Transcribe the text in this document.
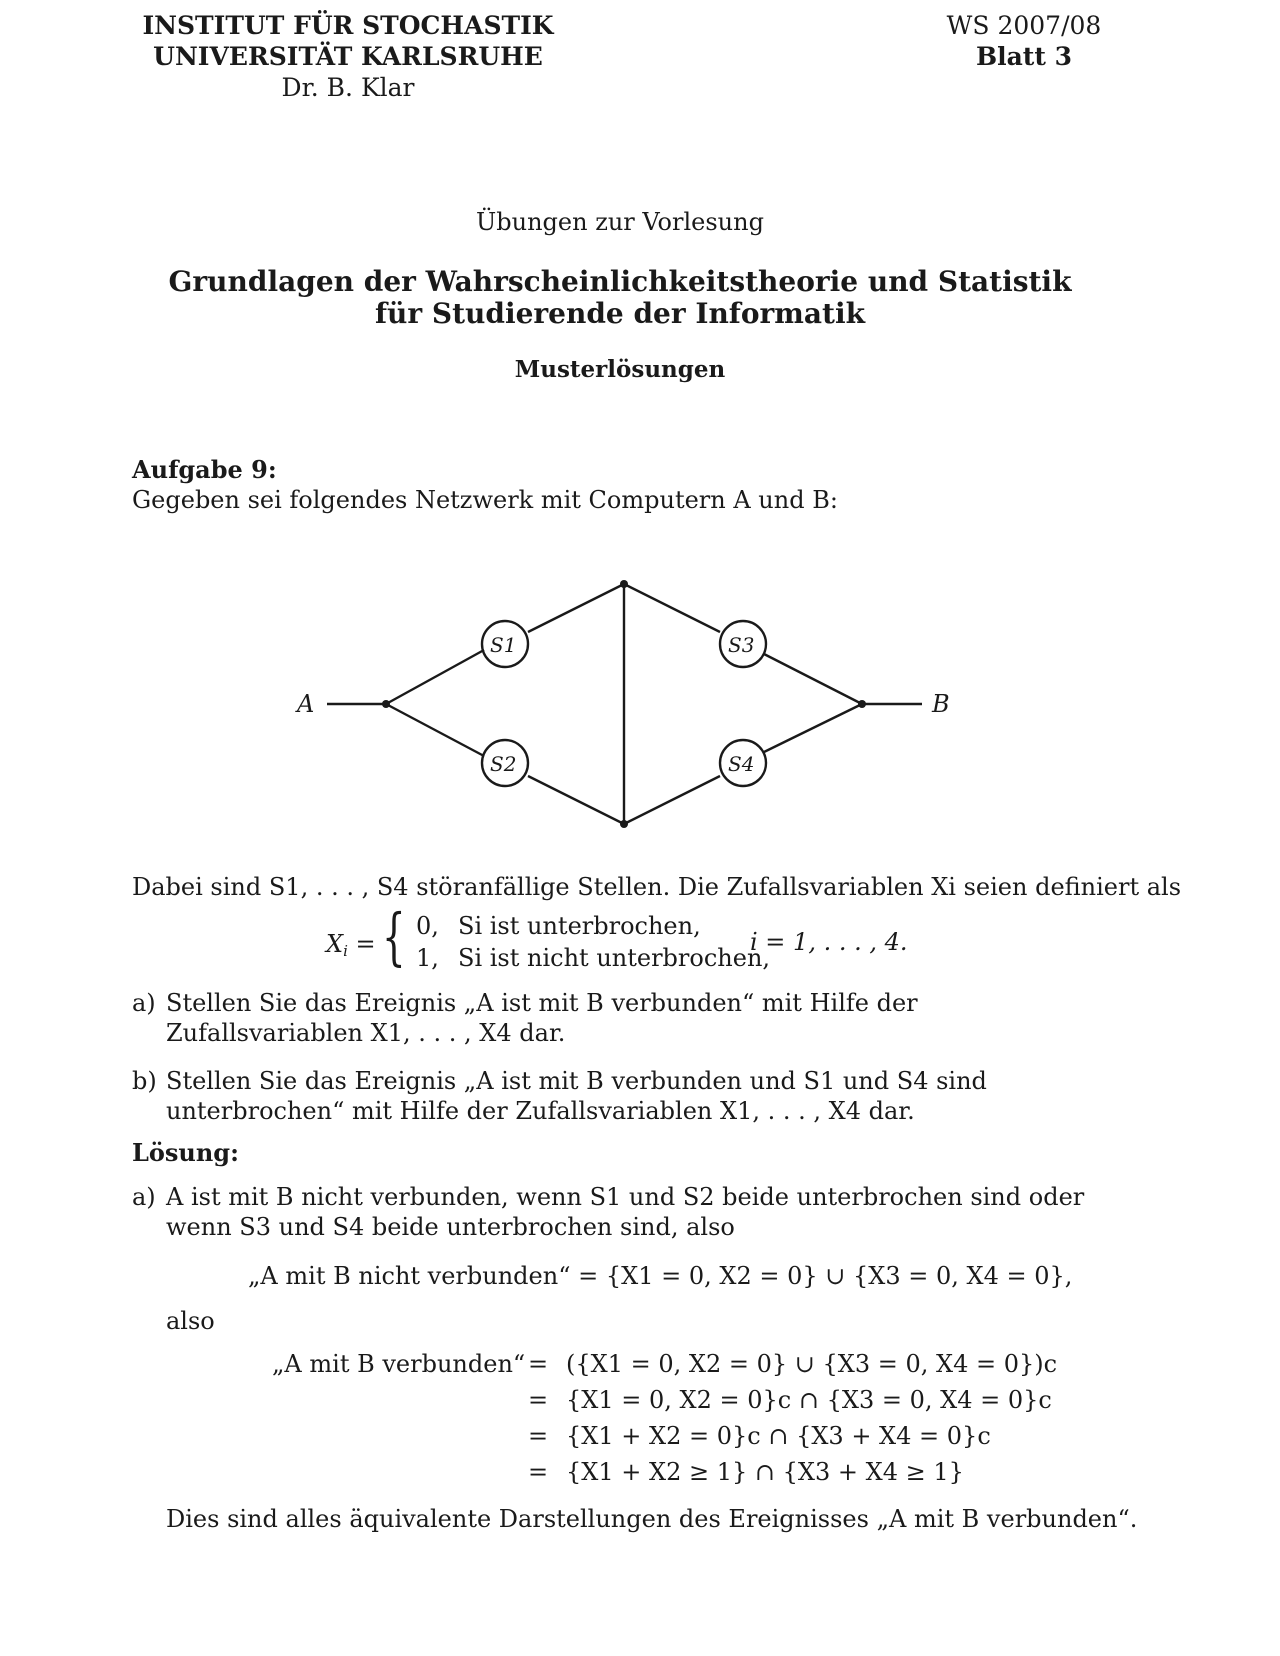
INSTITUT FÜR STOCHASTIK
UNIVERSITÄT KARLSRUHE
Dr. B. Klar
WS 2007/08
Blatt 3
Übungen zur Vorlesung
Grundlagen der Wahrscheinlichkeitstheorie und Statistik
für Studierende der Informatik
Musterlösungen
Aufgabe 9:
Gegeben sei folgendes Netzwerk mit Computern A und B:
A	B
S1
S2
S3
S4
Dabei sind S1, . . . , S4 störanfällige Stellen. Die Zufallsvariablen Xi seien definiert als
$X_i$ = { 0, Si ist unterbrochen,
1, Si ist nicht unterbrochen,
i = 1, . . . , 4.
a) Stellen Sie das Ereignis „A ist mit B verbunden“ mit Hilfe der Zufallsvariablen X1, . . . , X4 dar.
b) Stellen Sie das Ereignis „A ist mit B verbunden und S1 und S4 sind unterbrochen“ mit Hilfe der Zufallsvariablen X1, . . . , X4 dar.
Lösung:
a) A ist mit B nicht verbunden, wenn S1 und S2 beide unterbrochen sind oder wenn S3 und S4 beide unterbrochen sind, also
„A mit B nicht verbunden“ = {X1 = 0, X2 = 0} ∪ {X3 = 0, X4 = 0},
also
„A mit B verbunden“ = ({X1 = 0, X2 = 0} ∪ {X3 = 0, X4 = 0})c
= {X1 = 0, X2 = 0}c ∩ {X3 = 0, X4 = 0}c
= {X1 + X2 = 0}c ∩ {X3 + X4 = 0}c
= {X1 + X2 ≥ 1} ∩ {X3 + X4 ≥ 1}
Dies sind alles äquivalente Darstellungen des Ereignisses „A mit B verbunden“.
